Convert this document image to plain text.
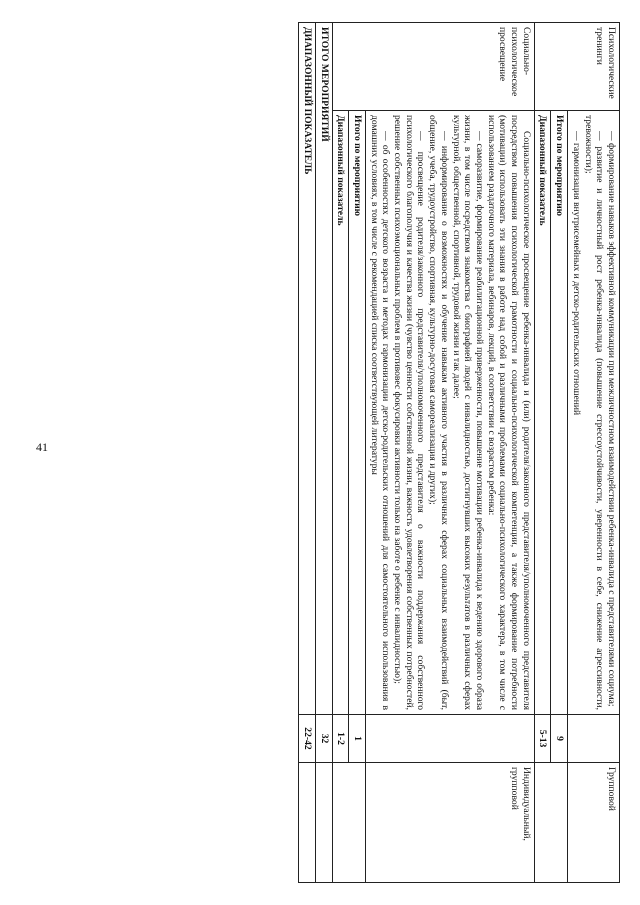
41
Психологические тренинги	— формирование навыков эффективной коммуникации при межличностном взаимодействии ребенка-инвалида с представителями социума;
— развитие и личностный рост ребенка-инвалида (повышение стрессоустойчивости, уверенности в себе, снижение агрессивности, тревожности);
— гармонизация внутрисемейных и детско-родительских отношений		Групповой
	Итого по мероприятию	9	
	Диапазонный показатель	5-13	
Социально-психологическое просвещение	Социально-психологическое просвещение ребенка-инвалида и (или) родителя/законного представителя/уполномоченного представителя посредством повышения психологической грамотности и социально-психологической компетенции, а также формирование потребности (мотивации) использовать эти знания в работе над собой и различными проблемами социально-психологического характера, в том числе с использованием раздаточного материала, вебинаров, лекций, в соответствии с возрастом ребенка:
— саморазвитие, формирование реабилитационной приверженности, повышение мотивации ребенка-инвалида к ведению здорового образа жизни, в том числе посредством знакомства с биографией людей с инвалидностью, достигнувших высоких результатов в различных сферах культурной, общественной, спортивной, трудовой жизни и так далее;
— информирование о возможностях и обучение навыкам активного участия в различных сферах социальных взаимодействий (быт, общение, учеба, трудоустройство, спортивная, культурно-досуговая самореализация и других);
— просвещение родителя/законного представителя/уполномоченного представителя о важности поддержания собственного психологического благополучия и качества жизни (чувство ценности собственной жизни, важность удовлетворения собственных потребностей, решение собственных психоэмоциональных проблем в противовес фокусировки активности только на заботе о ребенке с инвалидностью);
— об особенностях детского возраста и методах гармонизации детско-родительских отношений для самостоятельного использования в домашних условиях, в том числе с рекомендацией списка соответствующей литературы		Индивидуальный, групповой
	Итого по мероприятию	1	
	Диапазонный показатель	1-2	
ИТОГО МЕРОПРИЯТИЙ		32	
ДИАПАЗОННЫЙ ПОКАЗАТЕЛЬ		22-42	
